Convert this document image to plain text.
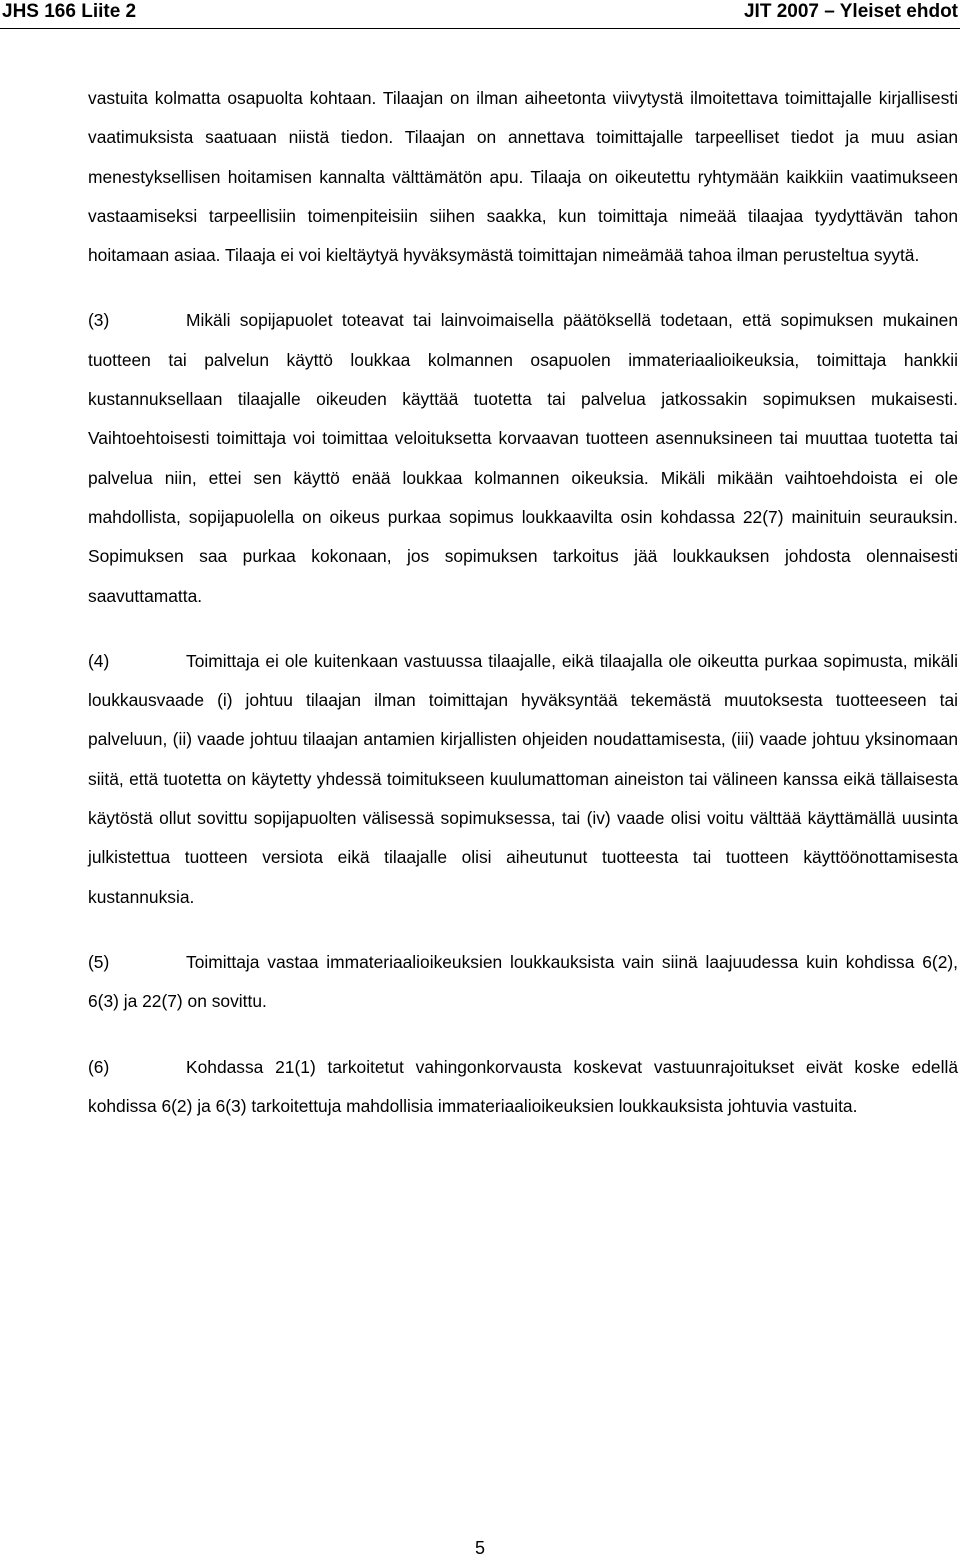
JHS 166 Liite 2	JIT 2007 – Yleiset ehdot

vastuita kolmatta osapuolta kohtaan. Tilaajan on ilman aiheetonta viivytystä ilmoitettava toimittajalle kirjallisesti vaatimuksista saatuaan niistä tiedon. Tilaajan on annettava toimittajalle tarpeelliset tiedot ja muu asian menestyksellisen hoitamisen kannalta välttämätön apu. Tilaaja on oikeutettu ryhtymään kaikkiin vaatimukseen vastaamiseksi tarpeellisiin toimenpiteisiin siihen saakka, kun toimittaja nimeää tilaajaa tyydyttävän tahon hoitamaan asiaa. Tilaaja ei voi kieltäytyä hyväksymästä toimittajan nimeämää tahoa ilman perusteltua syytä.

(3)	Mikäli sopijapuolet toteavat tai lainvoimaisella päätöksellä todetaan, että sopimuksen mukainen tuotteen tai palvelun käyttö loukkaa kolmannen osapuolen immateriaalioikeuksia, toimittaja hankkii kustannuksellaan tilaajalle oikeuden käyttää tuotetta tai palvelua jatkossakin sopimuksen mukaisesti. Vaihtoehtoisesti toimittaja voi toimittaa veloituksetta korvaavan tuotteen asennuksineen tai muuttaa tuotetta tai palvelua niin, ettei sen käyttö enää loukkaa kolmannen oikeuksia. Mikäli mikään vaihtoehdoista ei ole mahdollista, sopijapuolella on oikeus purkaa sopimus loukkaavilta osin kohdassa 22(7) mainituin seurauksin. Sopimuksen saa purkaa kokonaan, jos sopimuksen tarkoitus jää loukkauksen johdosta olennaisesti saavuttamatta.

(4)	Toimittaja ei ole kuitenkaan vastuussa tilaajalle, eikä tilaajalla ole oikeutta purkaa sopimusta, mikäli loukkausvaade (i) johtuu tilaajan ilman toimittajan hyväksyntää tekemästä muutoksesta tuotteeseen tai palveluun, (ii) vaade johtuu tilaajan antamien kirjallisten ohjeiden noudattamisesta, (iii) vaade johtuu yksinomaan siitä, että tuotetta on käytetty yhdessä toimitukseen kuulumattoman aineiston tai välineen kanssa eikä tällaisesta käytöstä ollut sovittu sopijapuolten välisessä sopimuksessa, tai (iv) vaade olisi voitu välttää käyttämällä uusinta julkistettua tuotteen versiota eikä tilaajalle olisi aiheutunut tuotteesta tai tuotteen käyttöönottamisesta kustannuksia.

(5)	Toimittaja vastaa immateriaalioikeuksien loukkauksista vain siinä laajuudessa kuin kohdissa 6(2), 6(3) ja 22(7) on sovittu.

(6)	Kohdassa 21(1) tarkoitetut vahingonkorvausta koskevat vastuunrajoitukset eivät koske edellä kohdissa 6(2) ja 6(3) tarkoitettuja mahdollisia immateriaalioikeuksien loukkauksista johtuvia vastuita.

5
